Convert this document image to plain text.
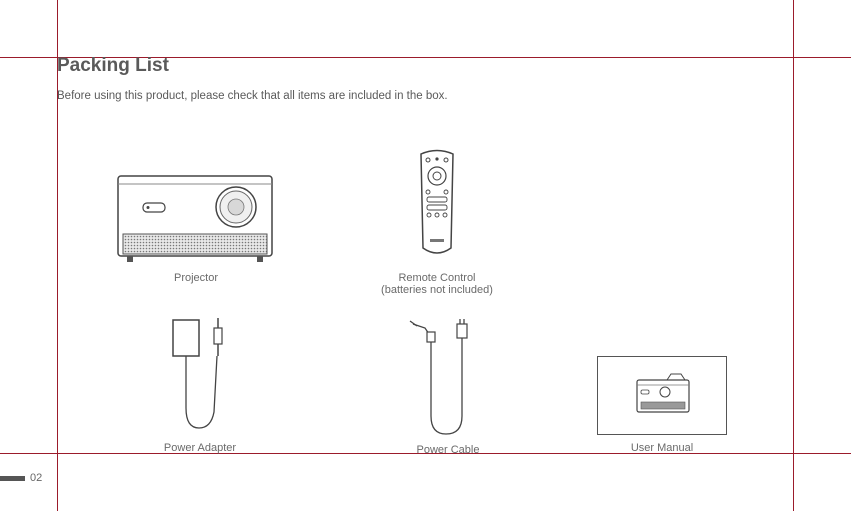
Packing List
Before using this product, please check that all items are included in the box.
Projector	Remote Control
(batteries not included)
Power Adapter	Power Cable	User Manual
02
